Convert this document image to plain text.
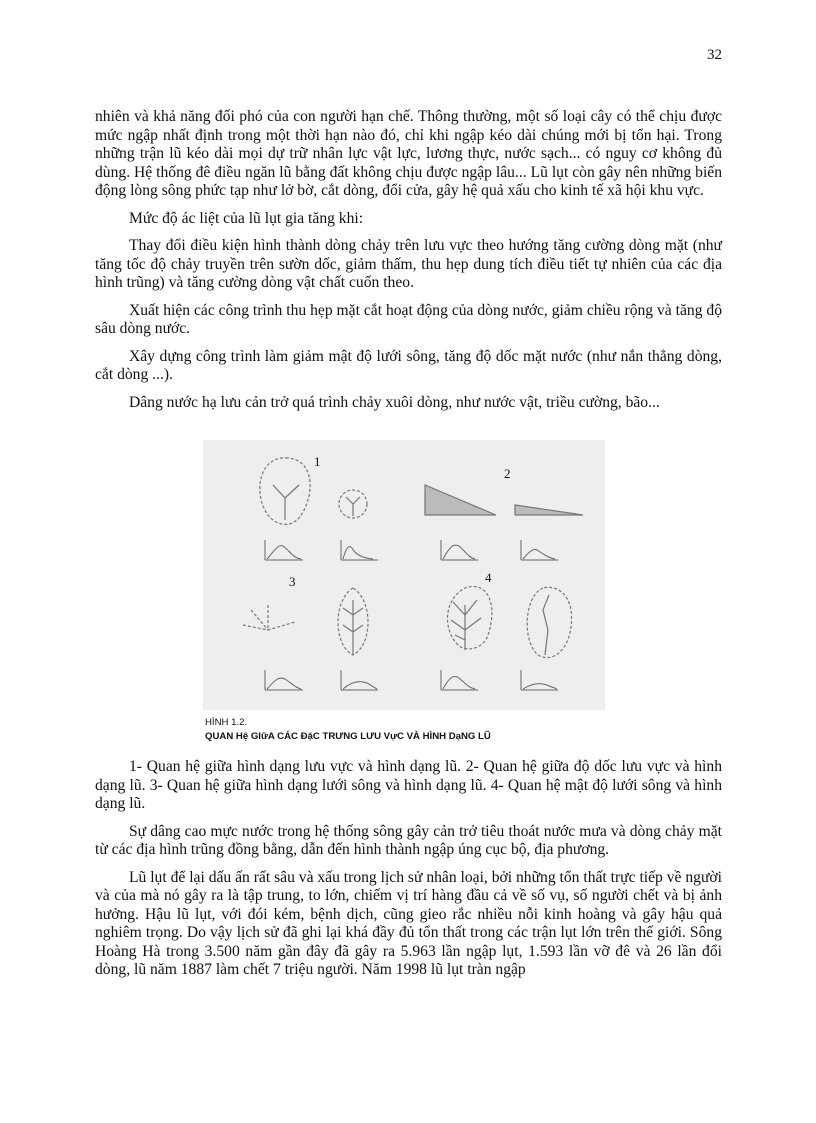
32

nhiên và khả năng đối phó của con người hạn chế. Thông thường, một số loại cây có thể chịu được mức ngập nhất định trong một thời hạn nào đó, chỉ khi ngập kéo dài chúng mới bị tổn hại. Trong những trận lũ kéo dài mọi dự trữ nhân lực vật lực, lương thực, nước sạch... có nguy cơ không đủ dùng. Hệ thống đê điều ngăn lũ bằng đất không chịu được ngập lâu... Lũ lụt còn gây nên những biến động lòng sông phức tạp như lở bờ, cắt dòng, đổi cửa, gây hệ quả xấu cho kinh tế xã hội khu vực.

Mức độ ác liệt của lũ lụt gia tăng khi:

Thay đổi điều kiện hình thành dòng chảy trên lưu vực theo hướng tăng cường dòng mặt (như tăng tốc độ chảy truyền trên sườn dốc, giảm thấm, thu hẹp dung tích điều tiết tự nhiên của các địa hình trũng) và tăng cường dòng vật chất cuốn theo.

Xuất hiện các công trình thu hẹp mặt cắt hoạt động của dòng nước, giảm chiều rộng và tăng độ sâu dòng nước.

Xây dựng công trình làm giảm mật độ lưới sông, tăng độ dốc mặt nước (như nắn thẳng dòng, cắt dòng ...).

Dâng nước hạ lưu cản trở quá trình chảy xuôi dòng, như nước vật, triều cường, bão...

1
2
3	4
HÌNH 1.2.
QUAN Hệ GIữA CÁC ĐặC TRƯNG LƯU VựC VÀ HÌNH DạNG LŨ

1- Quan hệ giữa hình dạng lưu vực và hình dạng lũ. 2- Quan hệ giữa độ dốc lưu vực và hình dạng lũ. 3- Quan hệ giữa hình dạng lưới sông và hình dạng lũ. 4- Quan hệ mật độ lưới sông và hình dạng lũ.

Sự dâng cao mực nước trong hệ thống sông gây cản trở tiêu thoát nước mưa và dòng chảy mặt từ các địa hình trũng đồng bằng, dẫn đến hình thành ngập úng cục bộ, địa phương.

Lũ lụt để lại dấu ấn rất sâu và xấu trong lịch sử nhân loại, bởi những tổn thất trực tiếp về người và của mà nó gây ra là tập trung, to lớn, chiếm vị trí hàng đầu cả về số vụ, số người chết và bị ảnh hưởng. Hậu lũ lụt, với đói kém, bệnh dịch, cũng gieo rắc nhiều nỗi kinh hoàng và gây hậu quả nghiêm trọng. Do vậy lịch sử đã ghi lại khá đầy đủ tổn thất trong các trận lụt lớn trên thế giới. Sông Hoàng Hà trong 3.500 năm gần đây đã gây ra 5.963 lần ngập lụt, 1.593 lần vỡ đê và 26 lần đổi dòng, lũ năm 1887 làm chết 7 triệu người. Năm 1998 lũ lụt tràn ngập
